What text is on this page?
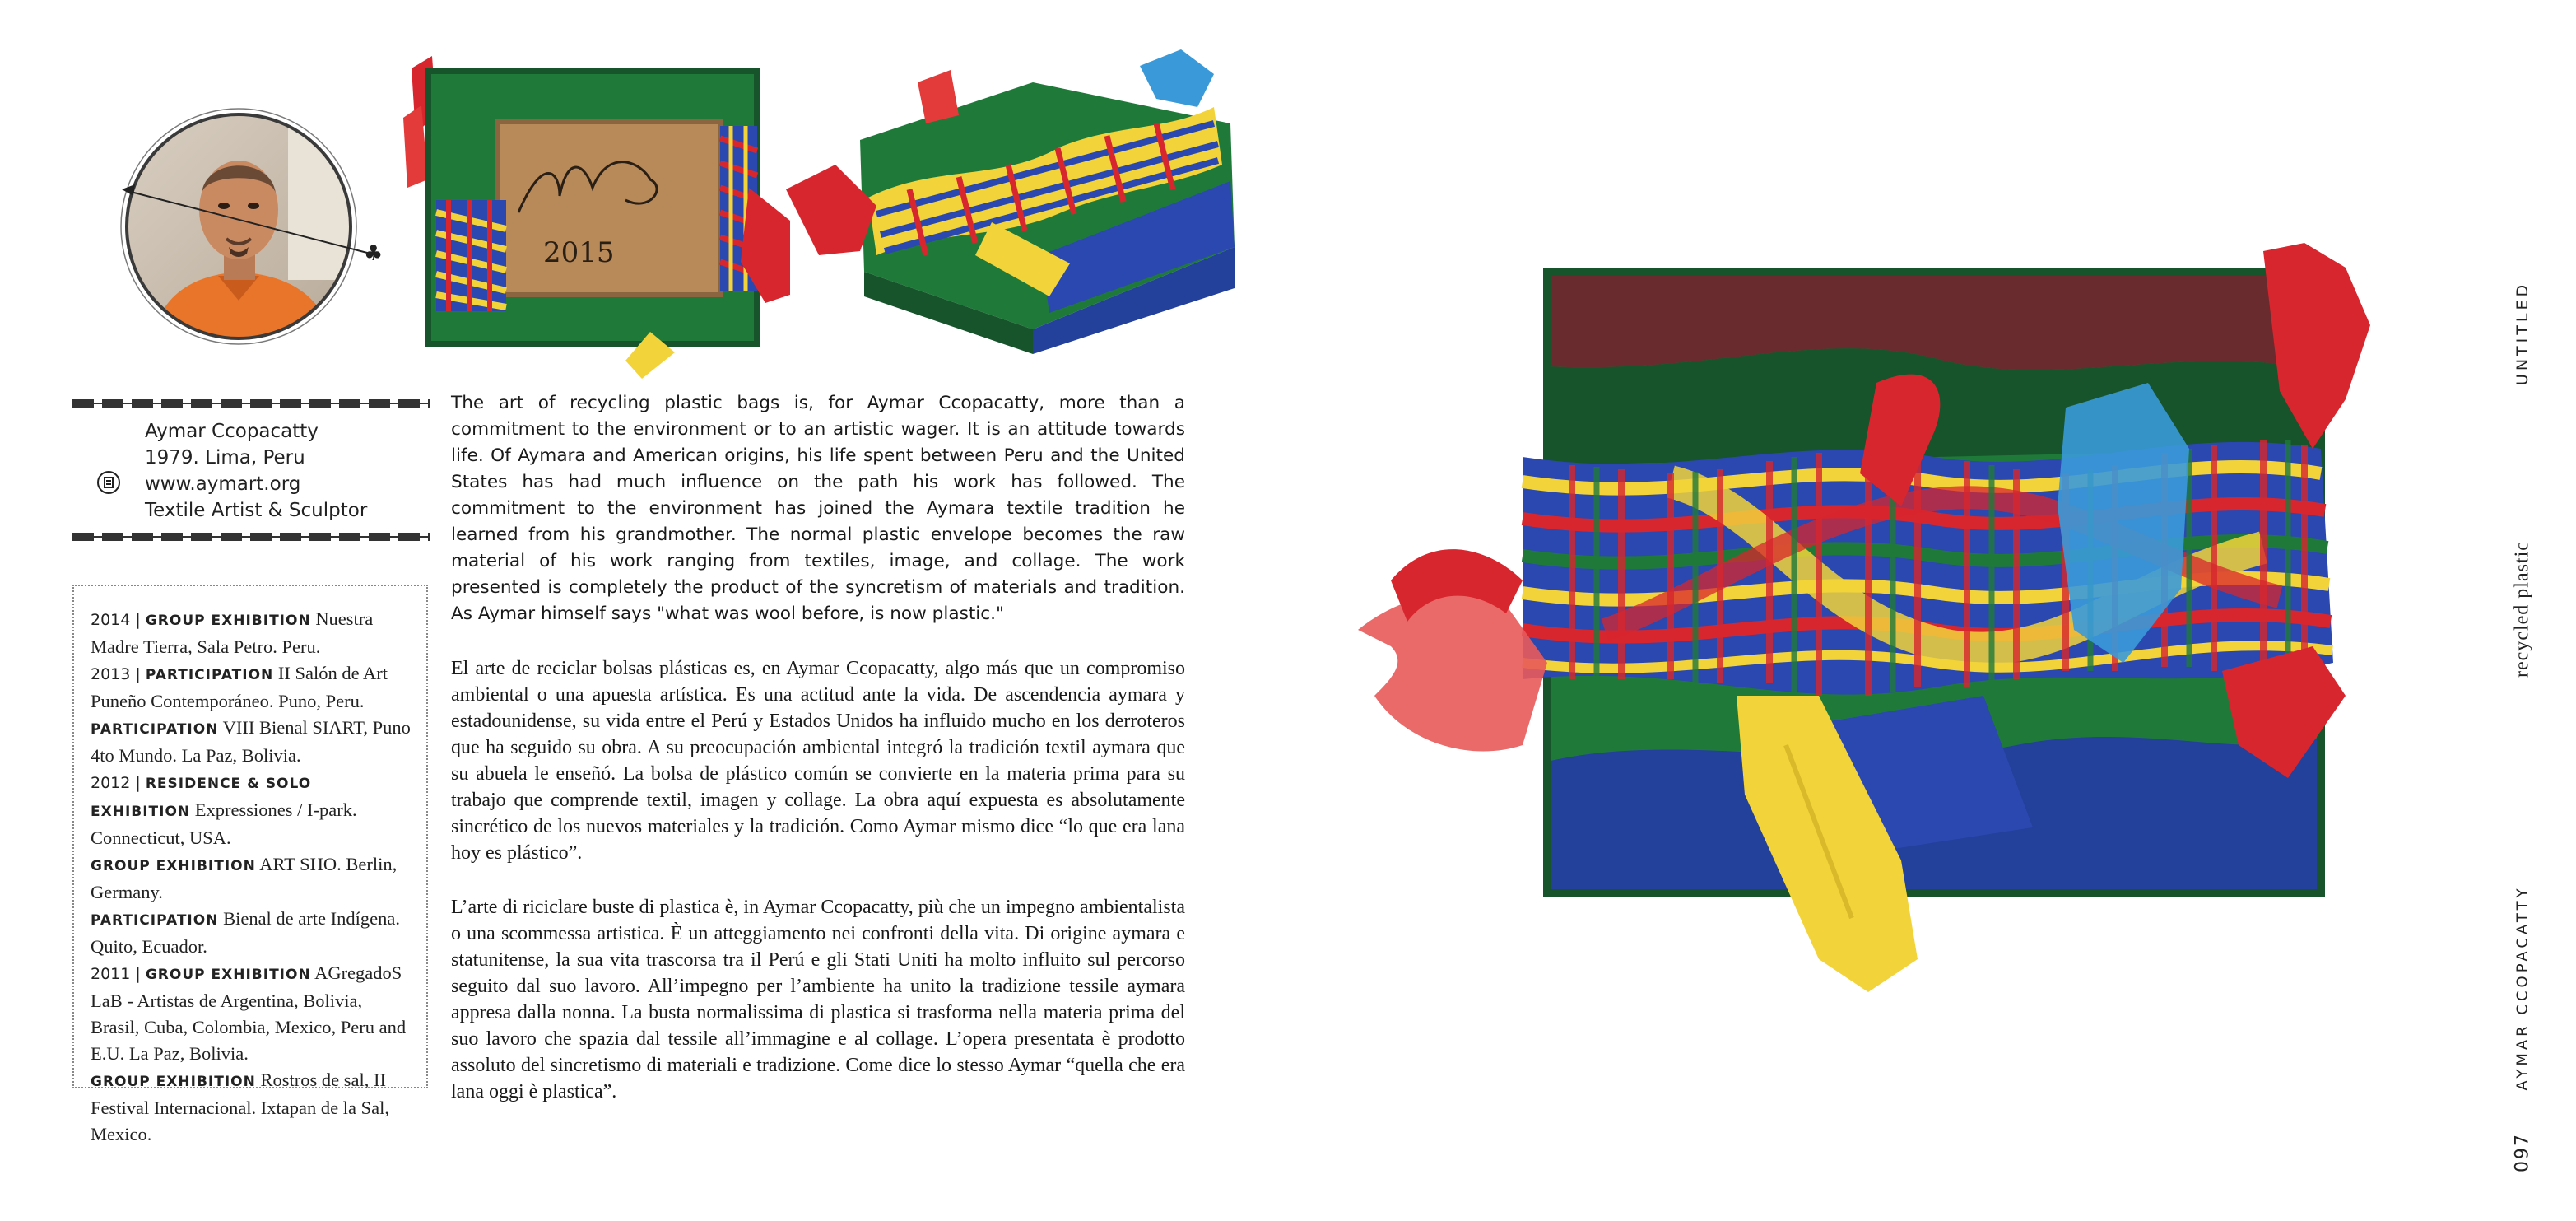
♣	2015
Aymar Ccopacatty
1979. Lima, Peru
www.aymart.org
Textile Artist & Sculptor

2014 | GROUP EXHIBITION Nuestra Madre Tierra, Sala Petro. Peru.

2013 | PARTICIPATION II Salón de Art Puneño Contemporáneo. Puno, Peru.

PARTICIPATION VIII Bienal SIART, Puno 4to Mundo. La Paz, Bolivia.

2012 | RESIDENCE & SOLO EXHIBITION Expressiones / I-park. Connecticut, USA.

GROUP EXHIBITION ART SHO. Berlin, Germany.

PARTICIPATION Bienal de arte Indígena. Quito, Ecuador.

2011 | GROUP EXHIBITION AGregadoS LaB - Artistas de Argentina, Bolivia, Brasil, Cuba, Colombia, Mexico, Peru and E.U. La Paz, Bolivia.

GROUP EXHIBITION Rostros de sal, II Festival Internacional. Ixtapan de la Sal, Mexico.

The art of recycling plastic bags is, for Aymar Ccopacatty, more than a commitment to the environment or to an artistic wager. It is an attitude towards life. Of Aymara and American origins, his life spent between Peru and the United States has had much influence on the path his work has followed. The commitment to the environment has joined the Aymara textile tradition he learned from his grandmother. The normal plastic envelope becomes the raw material of his work ranging from textiles, image, and collage. The work presented is completely the product of the syncretism of materials and tradition. As Aymar himself says "what was wool before, is now plastic."

El arte de reciclar bolsas plásticas es, en Aymar Ccopacatty, algo más que un compromiso ambiental o una apuesta artística. Es una actitud ante la vida. De ascendencia aymara y estadounidense, su vida entre el Perú y Estados Unidos ha influido mucho en los derroteros que ha seguido su obra. A su preocupación ambiental integró la tradición textil aymara que su abuela le enseñó. La bolsa de plástico común se convierte en la materia prima para su trabajo que comprende textil, imagen y collage. La obra aquí expuesta es absolutamente sincrético de los nuevos materiales y la tradición. Como Aymar mismo dice “lo que era lana hoy es plástico”.

L’arte di riciclare buste di plastica è, in Aymar Ccopacatty, più che un impegno ambientalista o una scommessa artistica. È un atteggiamento nei confronti della vita. Di origine aymara e statunitense, la sua vita trascorsa tra il Perú e gli Stati Uniti ha molto influito sul percorso seguito dal suo lavoro. All’impegno per l’ambiente ha unito la tradizione tessile aymara appresa dalla nonna. La busta normalissima di plastica si trasforma nella materia prima del suo lavoro che spazia dal tessile all’immagine e al collage. L’opera presentata è prodotto assoluto del sincretismo di materiali e tradizione. Come dice lo stesso Aymar “quella che era lana oggi è plastica”.

UNTITLED
recycled plastic
AYMAR CCOPACATTY
097
